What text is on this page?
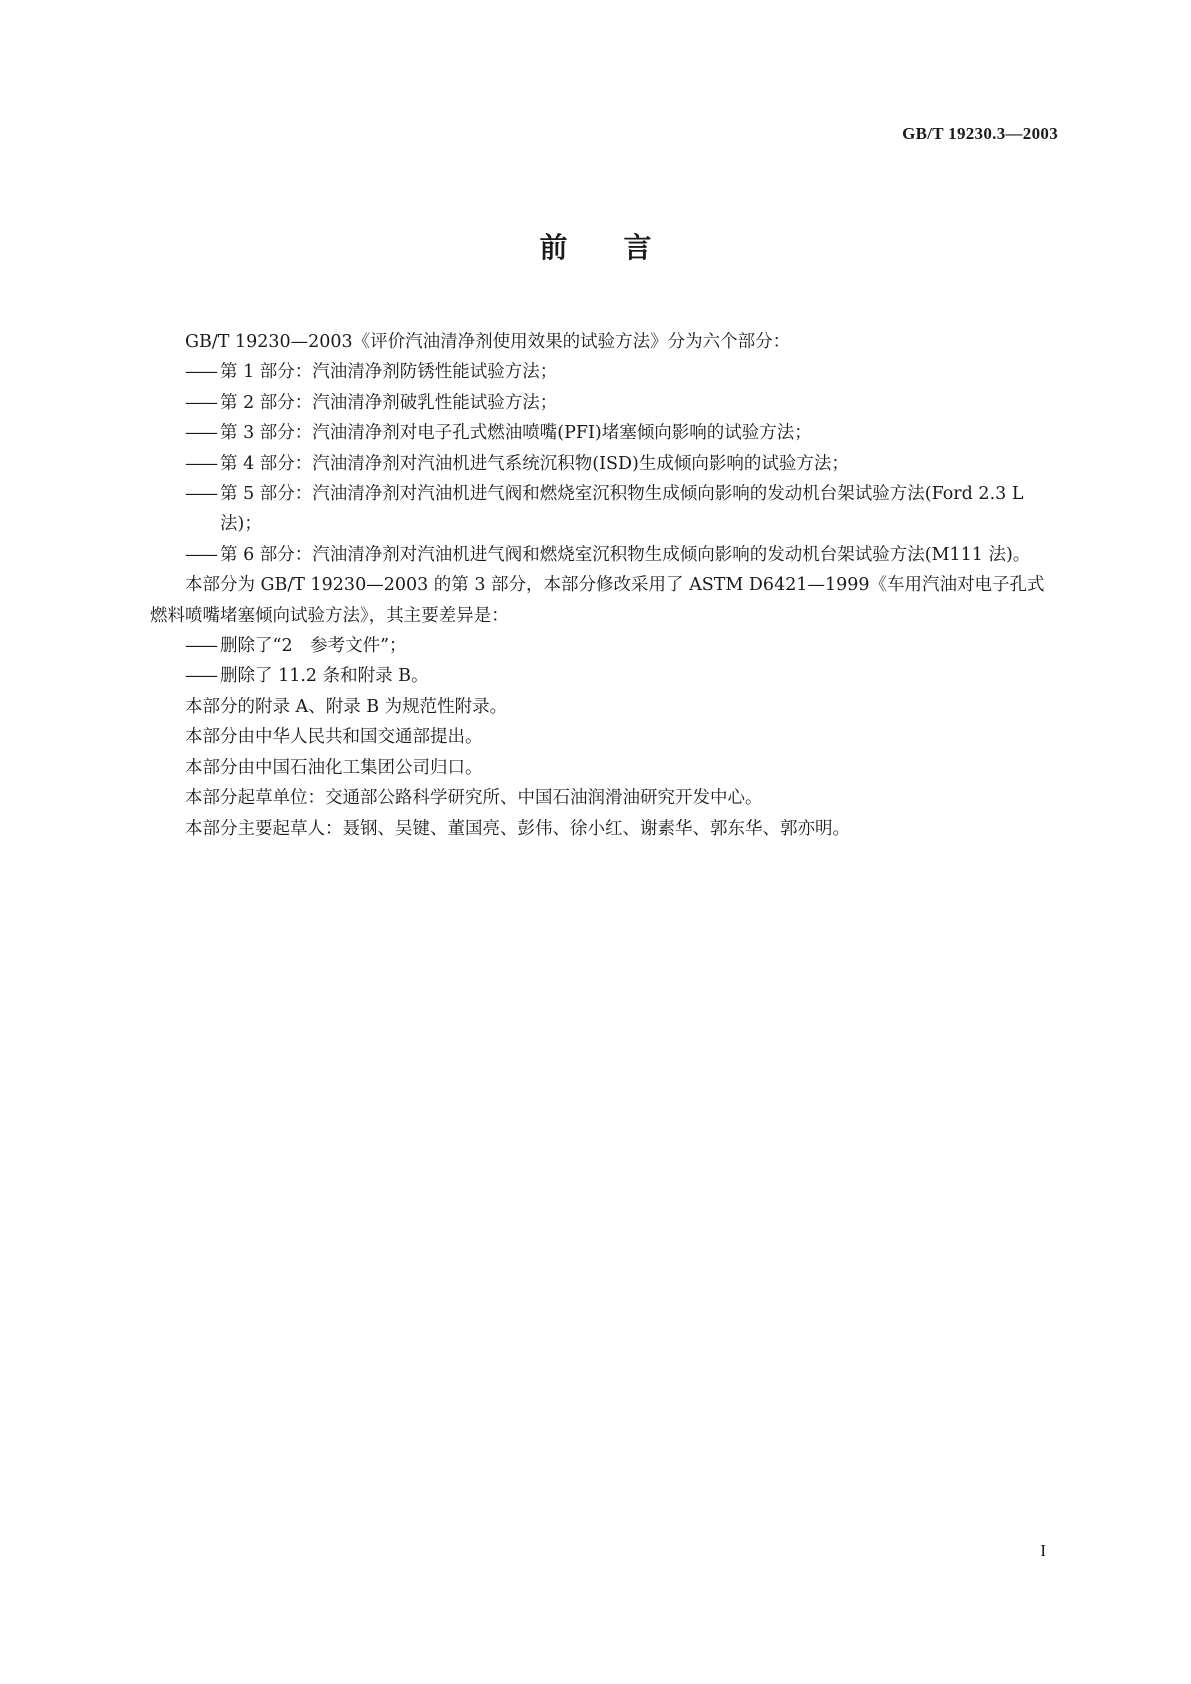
GB/T 19230.3—2003
前言

GB/T 19230—2003《评价汽油清净剂使用效果的试验方法》分为六个部分：

—— 第 1 部分：汽油清净剂防锈性能试验方法；
—— 第 2 部分：汽油清净剂破乳性能试验方法；
—— 第 3 部分：汽油清净剂对电子孔式燃油喷嘴(PFI)堵塞倾向影响的试验方法；
—— 第 4 部分：汽油清净剂对汽油机进气系统沉积物(ISD)生成倾向影响的试验方法；
—— 第 5 部分：汽油清净剂对汽油机进气阀和燃烧室沉积物生成倾向影响的发动机台架试验方法(Ford 2.3 L 法)；
—— 第 6 部分：汽油清净剂对汽油机进气阀和燃烧室沉积物生成倾向影响的发动机台架试验方法(M111 法)。

本部分为 GB/T 19230—2003 的第 3 部分，本部分修改采用了 ASTM D6421—1999《车用汽油对电子孔式燃料喷嘴堵塞倾向试验方法》，其主要差异是：

—— 删除了“2　参考文件”；
—— 删除了 11.2 条和附录 B。

本部分的附录 A、附录 B 为规范性附录。

本部分由中华人民共和国交通部提出。

本部分由中国石油化工集团公司归口。

本部分起草单位：交通部公路科学研究所、中国石油润滑油研究开发中心。

本部分主要起草人：聂钢、吴键、董国亮、彭伟、徐小红、谢素华、郭东华、郭亦明。

I
